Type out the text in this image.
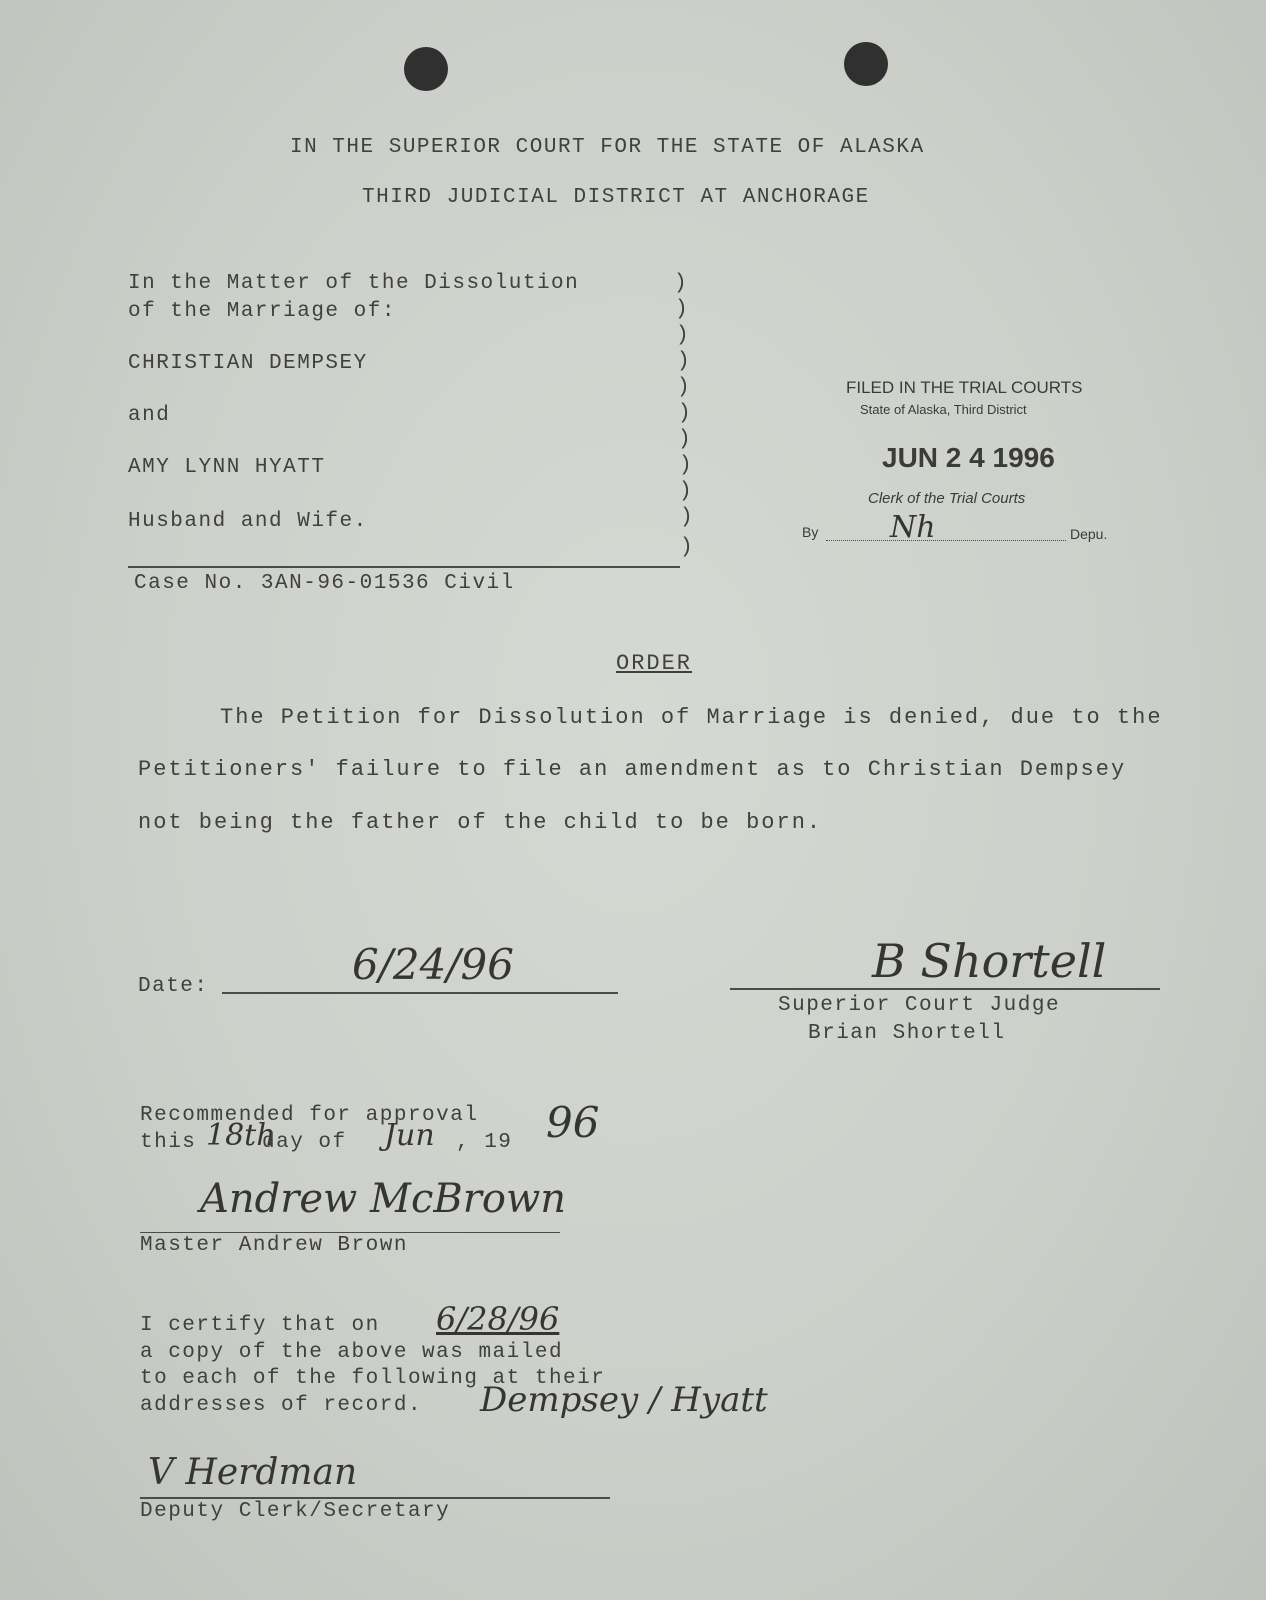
IN THE SUPERIOR COURT FOR THE STATE OF ALASKA
THIRD JUDICIAL DISTRICT AT ANCHORAGE
In the Matter of the Dissolution
of the Marriage of:
CHRISTIAN DEMPSEY
and
AMY LYNN HYATT
Husband and Wife.
)
)
)
)
)
)
)
)
)
)
)
Case No. 3AN-96-01536 Civil
FILED IN THE TRIAL COURTS
State of Alaska, Third District
JUN 2 4 1996
Clerk of the Trial Courts
By Nh	Depu.
ORDER
The Petition for Dissolution of Marriage is denied, due to the
Petitioners' failure to file an amendment as to Christian Dempsey
not being the father of the child to be born.
Date:	6/24/96	B Shortell
Superior Court Judge
Brian Shortell
Recommended for approval
this 18th
day of Jun , 19 96
Andrew McBrown
Master Andrew Brown
I certify that on 6/28/96
a copy of the above was mailed
to each of the following at their
addresses of record. Dempsey / Hyatt
V Herdman
Deputy Clerk/Secretary
